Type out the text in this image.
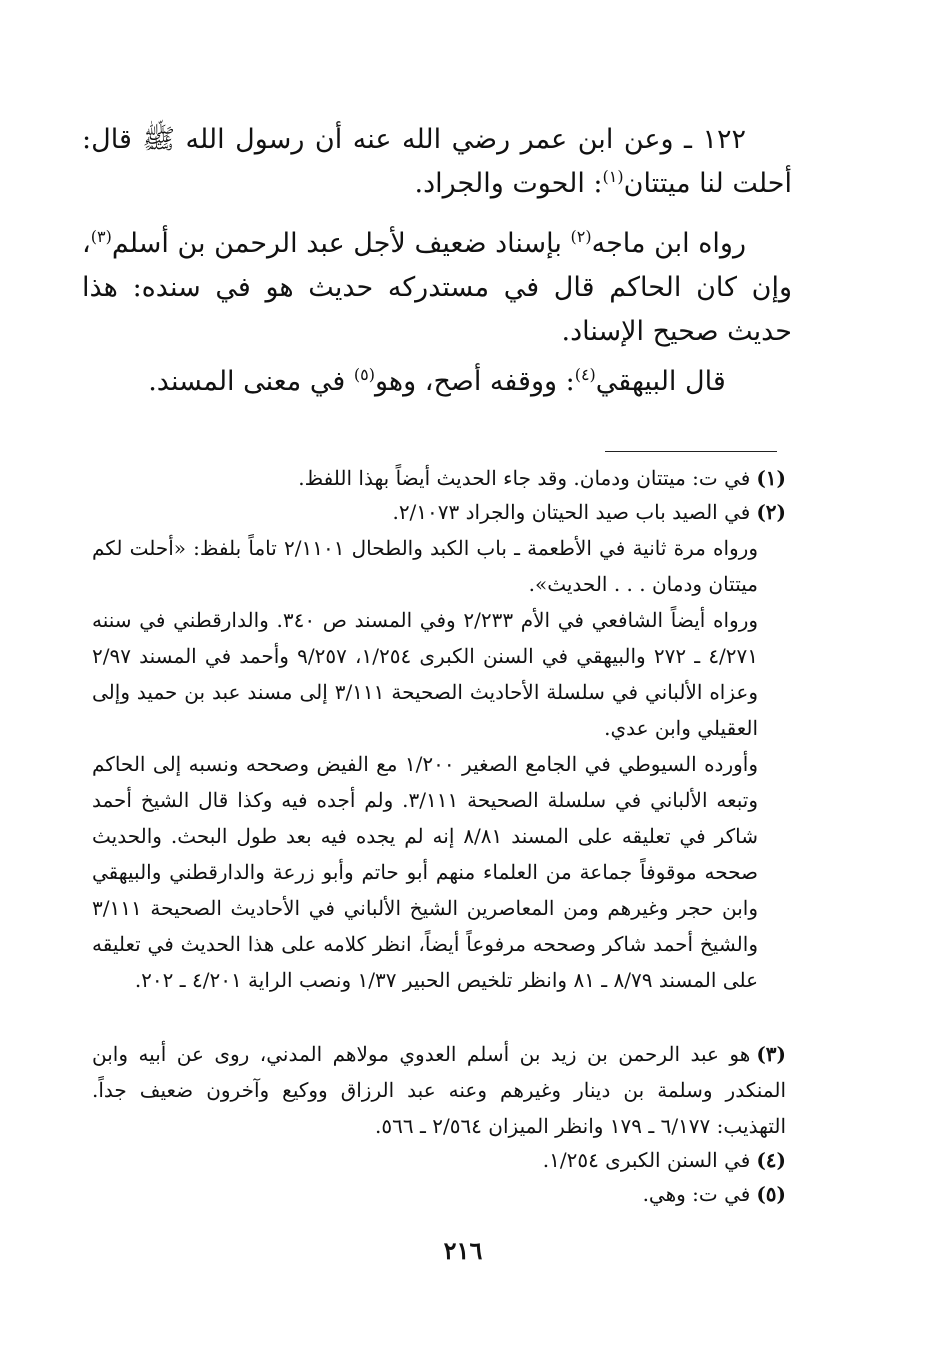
١٢٢ ـ وعن ابن عمر رضي الله عنه أن رسول الله ﷺ قال: أحلت لنا ميتتان$^{(١)}$: الحوت والجراد.

رواه ابن ماجه$^{(٢)}$ بإسناد ضعيف لأجل عبد الرحمن بن أسلم$^{(٣)}$، وإن كان الحاكم قال في مستدركه حديث هو في سنده: هذا حديث صحيح الإسناد.

قال البيهقي$^{(٤)}$: ووقفه أصح، وهو$^{(٥)}$ في معنى المسند.

(١)في ت: ميتتان ودمان. وقد جاء الحديث أيضاً بهذا اللفظ.

(٢)في الصيد باب صيد الحيتان والجراد ٢/١٠٧٣.

ورواه مرة ثانية في الأطعمة ـ باب الكبد والطحال ٢/١١٠١ تاماً بلفظ: «أحلت لكم ميتتان ودمان . . . الحديث».

ورواه أيضاً الشافعي في الأم ٢/٢٣٣ وفي المسند ص ٣٤٠. والدارقطني في سننه ٤/٢٧١ ـ ٢٧٢ والبيهقي في السنن الكبرى ١/٢٥٤، ٩/٢٥٧ وأحمد في المسند ٢/٩٧ وعزاه الألباني في سلسلة الأحاديث الصحيحة ٣/١١١ إلى مسند عبد بن حميد وإلى العقيلي وابن عدي.

وأورده السيوطي في الجامع الصغير ١/٢٠٠ مع الفيض وصححه ونسبه إلى الحاكم وتبعه الألباني في سلسلة الصحيحة ٣/١١١. ولم أجده فيه وكذا قال الشيخ أحمد شاكر في تعليقه على المسند ٨/٨١ إنه لم يجده فيه بعد طول البحث. والحديث صححه موقوفاً جماعة من العلماء منهم أبو حاتم وأبو زرعة والدارقطني والبيهقي وابن حجر وغيرهم ومن المعاصرين الشيخ الألباني في الأحاديث الصحيحة ٣/١١١ والشيخ أحمد شاكر وصححه مرفوعاً أيضاً، انظر كلامه على هذا الحديث في تعليقه على المسند ٨/٧٩ ـ ٨١ وانظر تلخيص الحبير ١/٣٧ ونصب الراية ٤/٢٠١ ـ ٢٠٢.

(٣)هو عبد الرحمن بن زيد بن أسلم العدوي مولاهم المدني، روى عن أبيه وابن المنكدر وسلمة بن دينار وغيرهم وعنه عبد الرزاق ووكيع وآخرون ضعيف جداً. التهذيب: ٦/١٧٧ ـ ١٧٩ وانظر الميزان ٢/٥٦٤ ـ ٥٦٦.

(٤)في السنن الكبرى ١/٢٥٤.

(٥)في ت: وهي.

٢١٦
